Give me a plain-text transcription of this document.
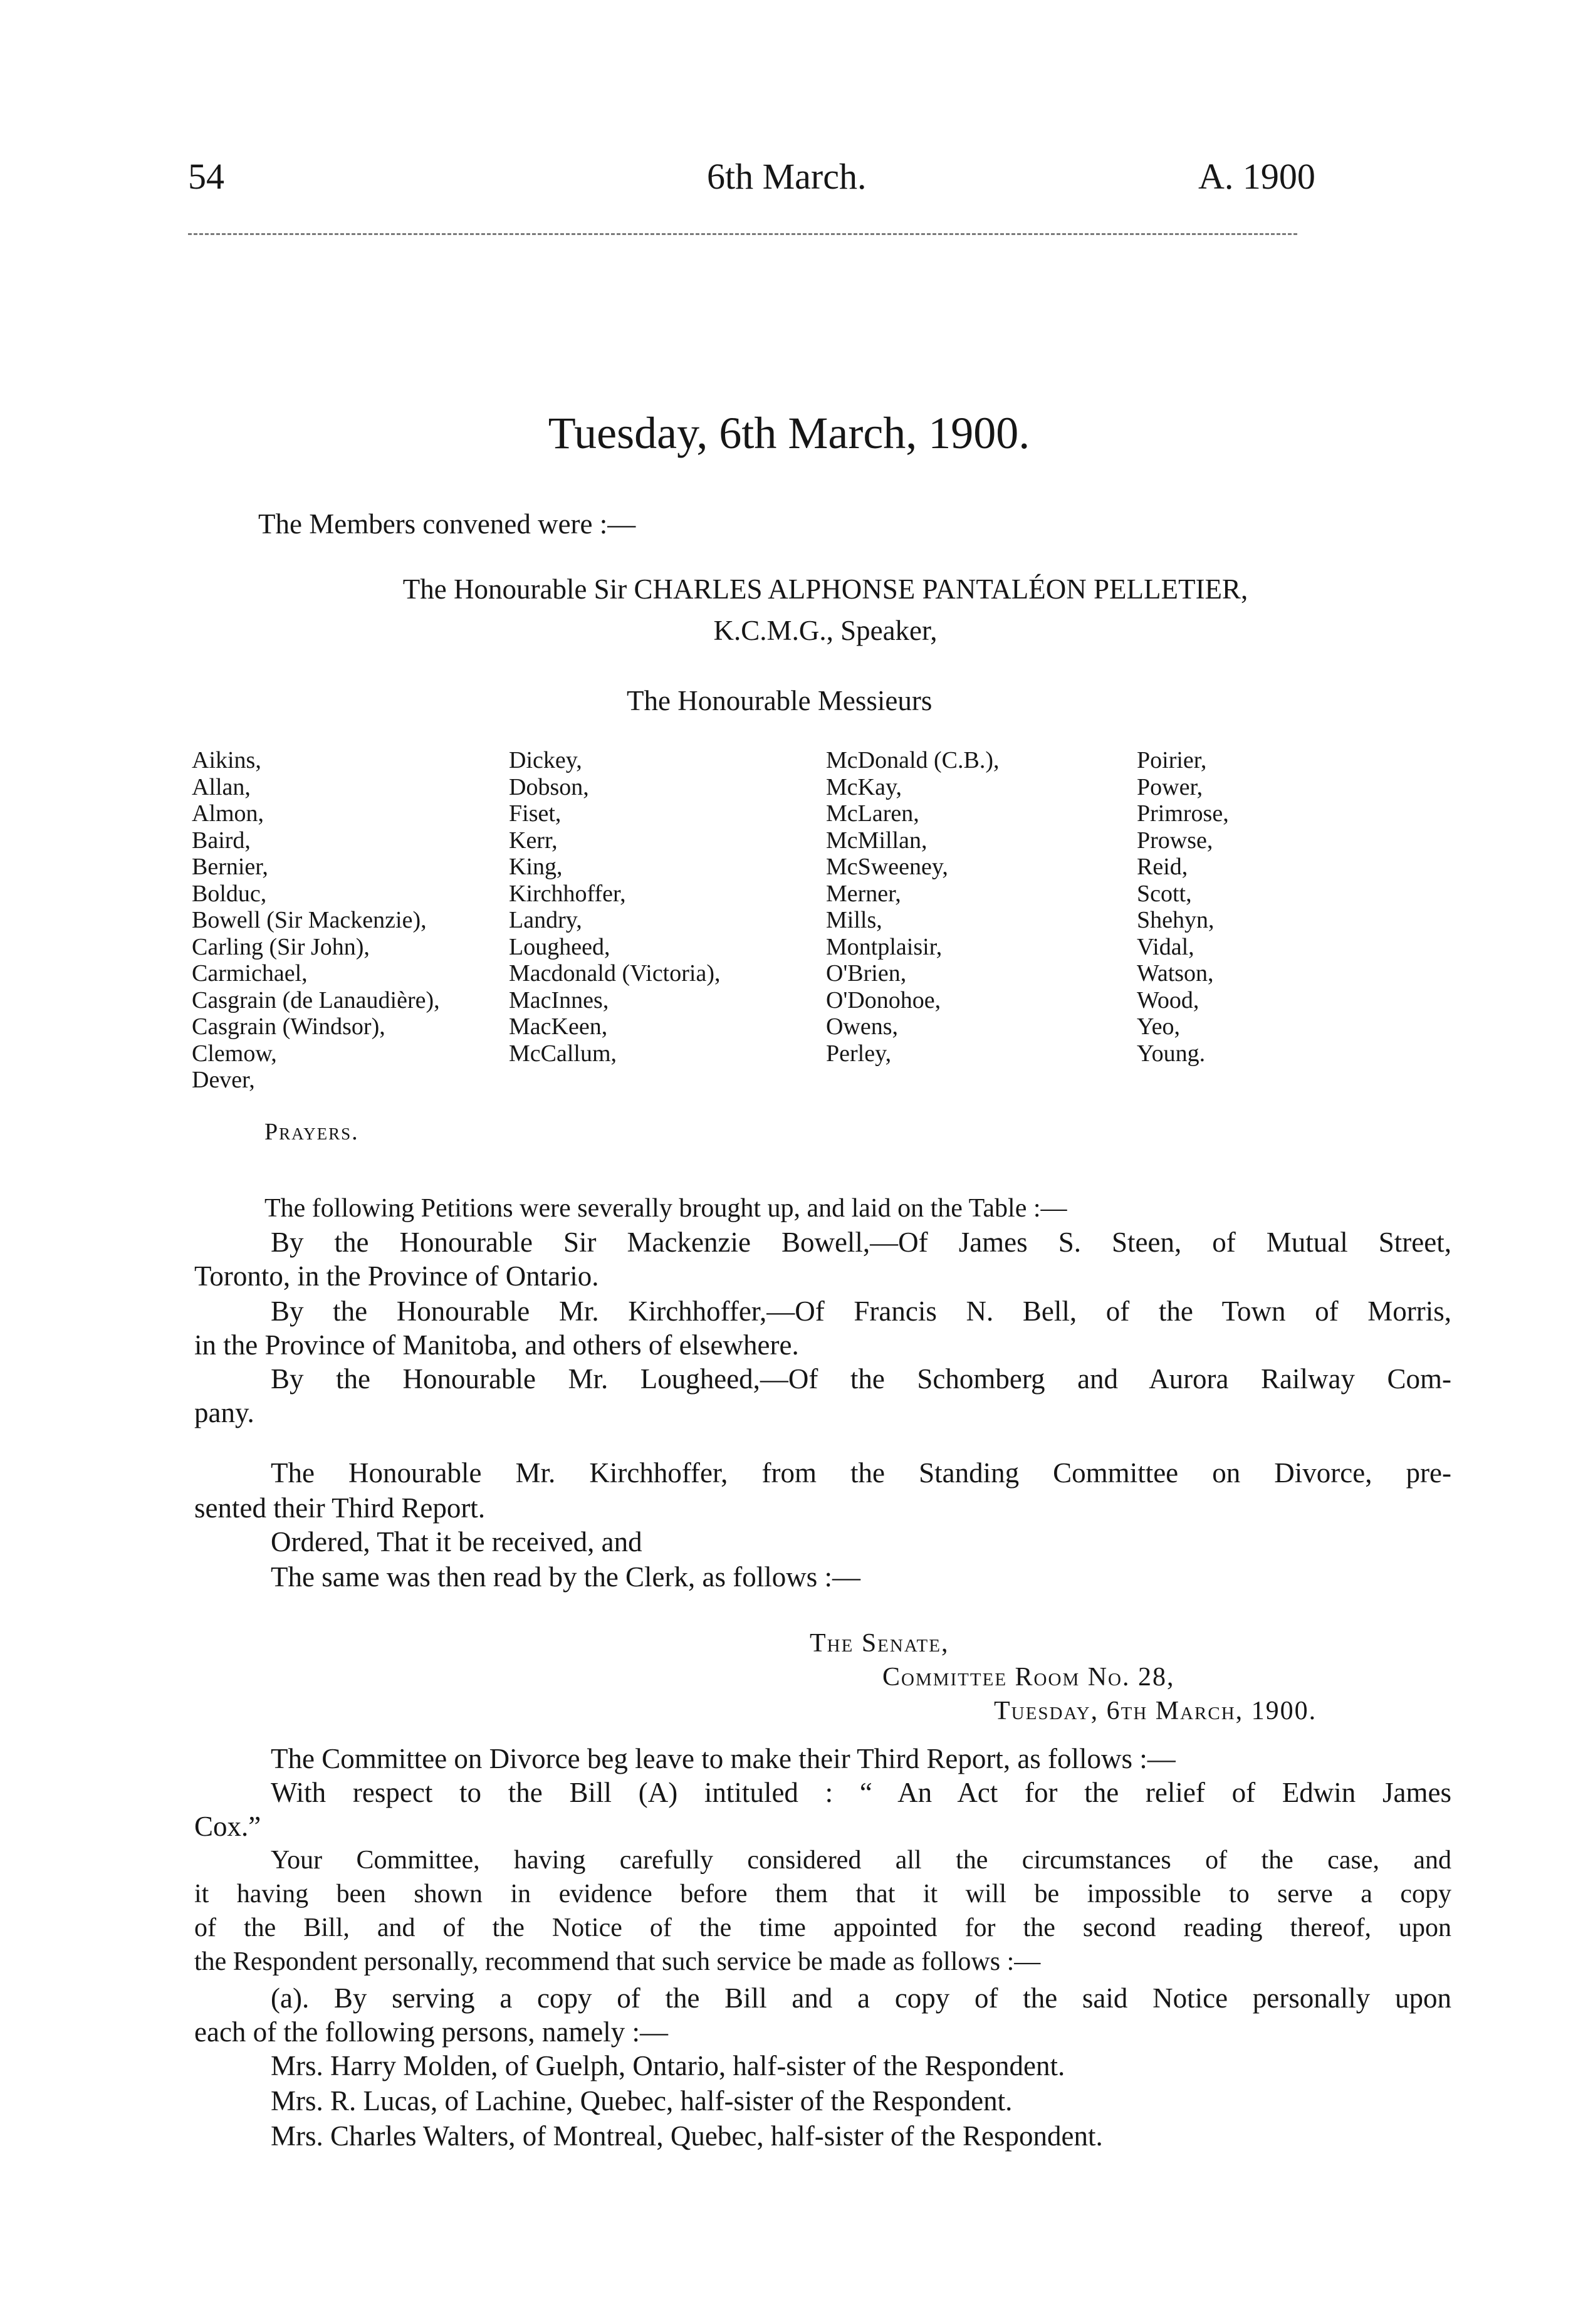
54	6th March.	A. 1900
Tuesday, 6th March, 1900.
The Members convened were :—
The Honourable Sir CHARLES ALPHONSE PANTALÉON PELLETIER,
K.C.M.G., Speaker,
The Honourable Messieurs
Aikins,
Allan,
Almon,
Baird,
Bernier,
Bolduc,
Bowell (Sir Mackenzie),
Carling (Sir John),
Carmichael,
Casgrain (de Lanaudière),
Casgrain (Windsor),
Clemow,
Dever,
Dickey,
Dobson,
Fiset,
Kerr,
King,
Kirchhoffer,
Landry,
Lougheed,
Macdonald (Victoria),
MacInnes,
MacKeen,
McCallum,
McDonald (C.B.),
McKay,
McLaren,
McMillan,
McSweeney,
Merner,
Mills,
Montplaisir,
O'Brien,
O'Donohoe,
Owens,
Perley,
Poirier,
Power,
Primrose,
Prowse,
Reid,
Scott,
Shehyn,
Vidal,
Watson,
Wood,
Yeo,
Young.
Prayers.
The following Petitions were severally brought up, and laid on the Table :—
By the Honourable Sir Mackenzie Bowell,—Of James S. Steen, of Mutual Street,
Toronto, in the Province of Ontario.
By the Honourable Mr. Kirchhoffer,—Of Francis N. Bell, of the Town of Morris,
in the Province of Manitoba, and others of elsewhere.
By the Honourable Mr. Lougheed,—Of the Schomberg and Aurora Railway Com-
pany.
The Honourable Mr. Kirchhoffer, from the Standing Committee on Divorce, pre-
sented their Third Report.
Ordered, That it be received, and
The same was then read by the Clerk, as follows :—
The Senate,
Committee Room No. 28,
Tuesday, 6th March, 1900.
The Committee on Divorce beg leave to make their Third Report, as follows :—
With respect to the Bill (A) intituled : “ An Act for the relief of Edwin James
Cox.”
Your Committee, having carefully considered all the circumstances of the case, and
it having been shown in evidence before them that it will be impossible to serve a copy
of the Bill, and of the Notice of the time appointed for the second reading thereof, upon
the Respondent personally, recommend that such service be made as follows :—
(a). By serving a copy of the Bill and a copy of the said Notice personally upon
each of the following persons, namely :—
Mrs. Harry Molden, of Guelph, Ontario, half-sister of the Respondent.
Mrs. R. Lucas, of Lachine, Quebec, half-sister of the Respondent.
Mrs. Charles Walters, of Montreal, Quebec, half-sister of the Respondent.
